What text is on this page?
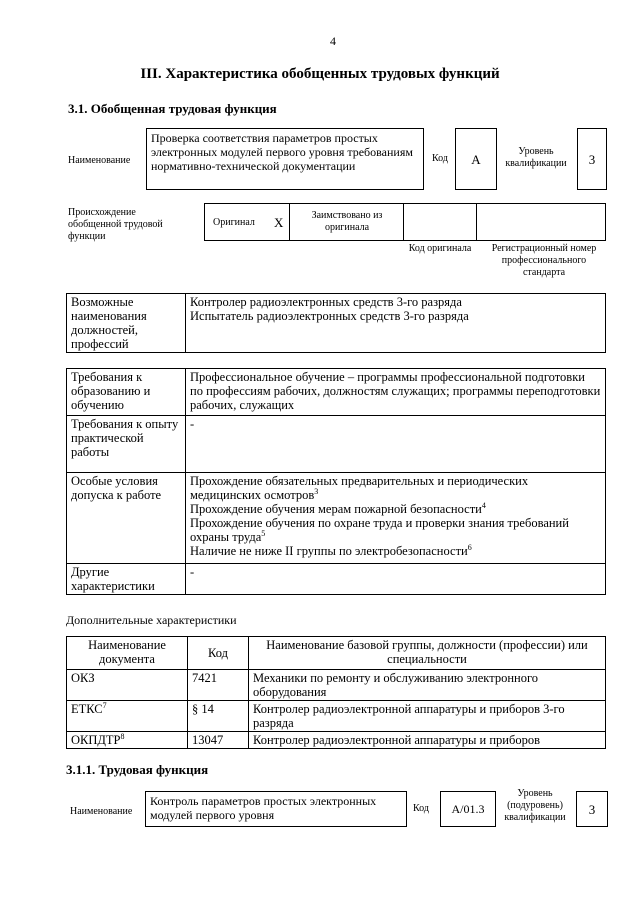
4
III. Характеристика обобщенных трудовых функций
3.1. Обобщенная трудовая функция
Наименование
Проверка соответствия параметров простых электронных модулей первого уровня требованиям нормативно-технической документации
Код	A	Уровень квалификации	3
Происхождение обобщенной трудовой функции
Оригинал X	Заимствовано из оригинала
Код оригинала	Регистрационный номер профессионального стандарта
Возможные наименования должностей, профессий	
Контролер радиоэлектронных средств 3-го разряда
Испытатель радиоэлектронных средств 3-го разряда
Требования к образованию и обучению	Профессиональное обучение – программы профессиональной подготовки по профессиям рабочих, должностям служащих; программы переподготовки рабочих, служащих
Требования к опыту практической работы	-
Особые условия допуска к работе	Прохождение обязательных предварительных и периодических медицинских осмотров$^3$
Прохождение обучения мерам пожарной безопасности$^4$
Прохождение обучения по охране труда и проверки знания требований охраны труда$^5$
Наличие не ниже II группы по электробезопасности$^6$

Другие характеристики	-
Дополнительные характеристики
Наименование документа	Код	Наименование базовой группы, должности (профессии) или специальности
ОКЗ	7421	Механики по ремонту и обслуживанию электронного оборудования
ЕТКС$^7$	§ 14	Контролер радиоэлектронной аппаратуры и приборов 3-го разряда
ОКПДТР$^8$	13047	Контролер радиоэлектронной аппаратуры и приборов
3.1.1. Трудовая функция
Наименование
Контроль параметров простых электронных модулей первого уровня	Код	A/01.3
Уровень (подуровень) квалификации
3
